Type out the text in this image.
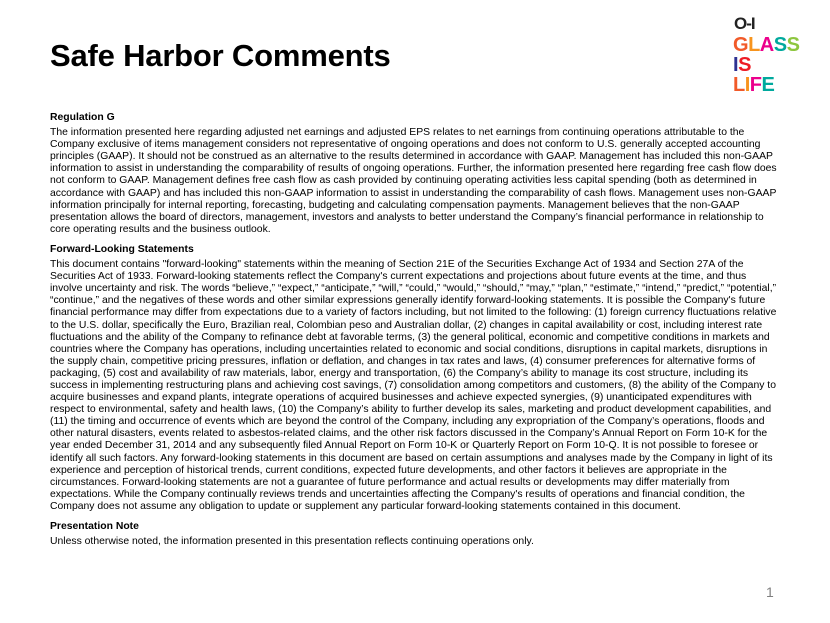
Safe Harbor Comments
O-I
GLASS
IS
LIFE

Regulation G

The information presented here regarding adjusted net earnings and adjusted EPS relates to net earnings from continuing operations attributable to the Company exclusive of items management considers not representative of ongoing operations and does not conform to U.S. generally accepted accounting principles (GAAP). It should not be construed as an alternative to the results determined in accordance with GAAP. Management has included this non-GAAP information to assist in understanding the comparability of results of ongoing operations. Further, the information presented here regarding free cash flow does not conform to GAAP. Management defines free cash flow as cash provided by continuing operating activities less capital spending (both as determined in accordance with GAAP) and has included this non-GAAP information to assist in understanding the comparability of cash flows. Management uses non-GAAP information principally for internal reporting, forecasting, budgeting and calculating compensation payments. Management believes that the non-GAAP presentation allows the board of directors, management, investors and analysts to better understand the Company’s financial performance in relationship to core operating results and the business outlook.

Forward-Looking Statements

This document contains "forward-looking" statements within the meaning of Section 21E of the Securities Exchange Act of 1934 and Section 27A of the Securities Act of 1933. Forward-looking statements reflect the Company's current expectations and projections about future events at the time, and thus involve uncertainty and risk. The words “believe,” “expect,” “anticipate,” “will,” “could,” “would,” “should,” “may,” “plan,” “estimate,” “intend,” “predict,” “potential,” “continue,” and the negatives of these words and other similar expressions generally identify forward-looking statements. It is possible the Company's future financial performance may differ from expectations due to a variety of factors including, but not limited to the following: (1) foreign currency fluctuations relative to the U.S. dollar, specifically the Euro, Brazilian real, Colombian peso and Australian dollar, (2) changes in capital availability or cost, including interest rate fluctuations and the ability of the Company to refinance debt at favorable terms, (3) the general political, economic and competitive conditions in markets and countries where the Company has operations, including uncertainties related to economic and social conditions, disruptions in capital markets, disruptions in the supply chain, competitive pricing pressures, inflation or deflation, and changes in tax rates and laws, (4) consumer preferences for alternative forms of packaging, (5) cost and availability of raw materials, labor, energy and transportation, (6) the Company’s ability to manage its cost structure, including its success in implementing restructuring plans and achieving cost savings, (7) consolidation among competitors and customers, (8) the ability of the Company to acquire businesses and expand plants, integrate operations of acquired businesses and achieve expected synergies, (9) unanticipated expenditures with respect to environmental, safety and health laws, (10) the Company’s ability to further develop its sales, marketing and product development capabilities, and (11) the timing and occurrence of events which are beyond the control of the Company, including any expropriation of the Company’s operations, floods and other natural disasters, events related to asbestos-related claims, and the other risk factors discussed in the Company’s Annual Report on Form 10-K for the year ended December 31, 2014 and any subsequently filed Annual Report on Form 10-K or Quarterly Report on Form 10-Q. It is not possible to foresee or identify all such factors. Any forward-looking statements in this document are based on certain assumptions and analyses made by the Company in light of its experience and perception of historical trends, current conditions, expected future developments, and other factors it believes are appropriate in the circumstances. Forward-looking statements are not a guarantee of future performance and actual results or developments may differ materially from expectations. While the Company continually reviews trends and uncertainties affecting the Company's results of operations and financial condition, the Company does not assume any obligation to update or supplement any particular forward-looking statements contained in this document.

Presentation Note

Unless otherwise noted, the information presented in this presentation reflects continuing operations only.

1
